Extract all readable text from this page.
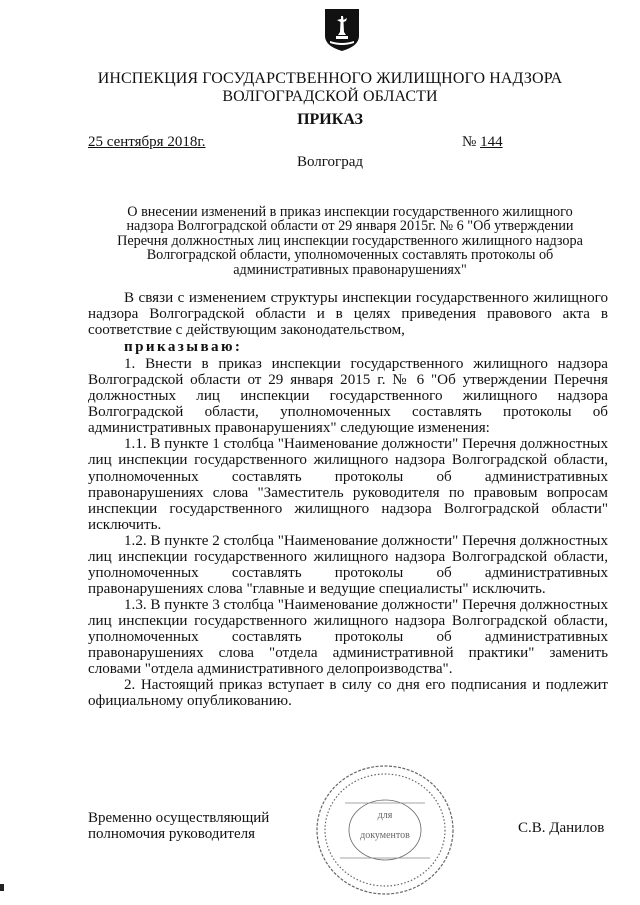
ИНСПЕКЦИЯ ГОСУДАРСТВЕННОГО ЖИЛИЩНОГО НАДЗОРА
ВОЛГОГРАДСКОЙ ОБЛАСТИ
ПРИКАЗ
25 сентября 2018г.	№ 144
Волгоград
О внесении изменений в приказ инспекции государственного жилищного
надзора Волгоградской области от 29 января 2015г. № 6 "Об утверждении
Перечня должностных лиц инспекции государственного жилищного надзора
Волгоградской области, уполномоченных составлять протоколы об
административных правонарушениях"

В связи с изменением структуры инспекции государственного жилищного надзора Волгоградской области и в целях приведения правового акта в соответствие с действующим законодательством,

приказываю:

1. Внести в приказ инспекции государственного жилищного надзора Волгоградской области от 29 января 2015 г. № 6 "Об утверждении Перечня должностных лиц инспекции государственного жилищного надзора Волгоградской области, уполномоченных составлять протоколы об административных правонарушениях" следующие изменения:

1.1. В пункте 1 столбца "Наименование должности" Перечня должностных лиц инспекции государственного жилищного надзора Волгоградской области, уполномоченных составлять протоколы об административных правонарушениях слова "Заместитель руководителя по правовым вопросам инспекции государственного жилищного надзора Волгоградской области" исключить.

1.2. В пункте 2 столбца "Наименование должности" Перечня должностных лиц инспекции государственного жилищного надзора Волгоградской области, уполномоченных составлять протоколы об административных правонарушениях слова "главные и ведущие специалисты" исключить.

1.3. В пункте 3 столбца "Наименование должности" Перечня должностных лиц инспекции государственного жилищного надзора Волгоградской области, уполномоченных составлять протоколы об административных правонарушениях слова "отдела административной практики" заменить словами "отдела административного делопроизводства".

2. Настоящий приказ вступает в силу со дня его подписания и подлежит официальному опубликованию.

для
документов
Временно осуществляющий
полномочия руководителя	С.В. Данилов
